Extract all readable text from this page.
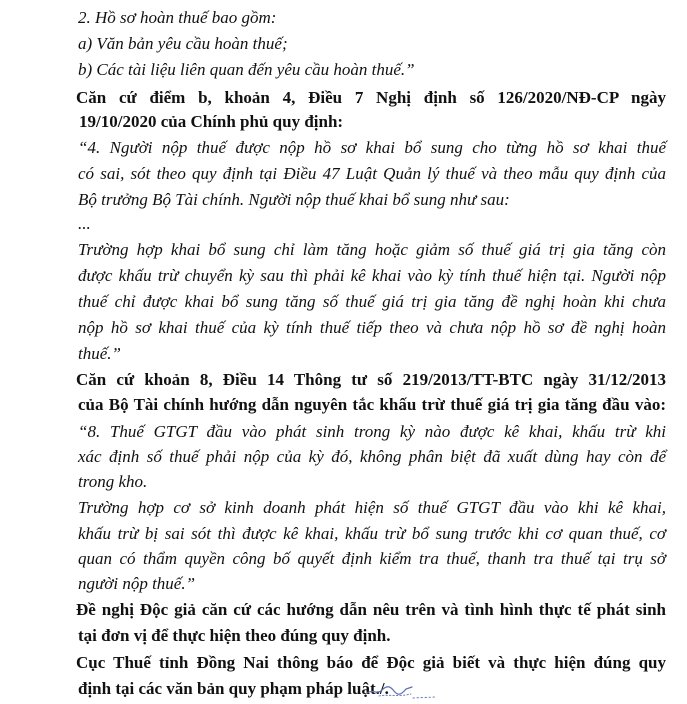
2. Hồ sơ hoàn thuế bao gồm:
a) Văn bản yêu cầu hoàn thuế;
b) Các tài liệu liên quan đến yêu cầu hoàn thuế.”
Căn cứ điểm b, khoản 4, Điều 7 Nghị định số 126/2020/NĐ-CP ngày
19/10/2020 của Chính phủ quy định:
“4. Người nộp thuế được nộp hồ sơ khai bổ sung cho từng hồ sơ khai thuế
có sai, sót theo quy định tại Điều 47 Luật Quản lý thuế và theo mẫu quy định của
Bộ trưởng Bộ Tài chính. Người nộp thuế khai bổ sung như sau:
...
Trường hợp khai bổ sung chỉ làm tăng hoặc giảm số thuế giá trị gia tăng còn
được khấu trừ chuyển kỳ sau thì phải kê khai vào kỳ tính thuế hiện tại. Người nộp
thuế chỉ được khai bổ sung tăng số thuế giá trị gia tăng đề nghị hoàn khi chưa
nộp hồ sơ khai thuế của kỳ tính thuế tiếp theo và chưa nộp hồ sơ đề nghị hoàn
thuế.”
Căn cứ khoản 8, Điều 14 Thông tư số 219/2013/TT-BTC ngày 31/12/2013
của Bộ Tài chính hướng dẫn nguyên tắc khấu trừ thuế giá trị gia tăng đầu vào:
“8. Thuế GTGT đầu vào phát sinh trong kỳ nào được kê khai, khấu trừ khi
xác định số thuế phải nộp của kỳ đó, không phân biệt đã xuất dùng hay còn để
trong kho.
Trường hợp cơ sở kinh doanh phát hiện số thuế GTGT đầu vào khi kê khai,
khấu trừ bị sai sót thì được kê khai, khấu trừ bổ sung trước khi cơ quan thuế, cơ
quan có thẩm quyền công bố quyết định kiểm tra thuế, thanh tra thuế tại trụ sở
người nộp thuế.”
Đề nghị Độc giả căn cứ các hướng dẫn nêu trên và tình hình thực tế phát sinh
tại đơn vị để thực hiện theo đúng quy định.
Cục Thuế tỉnh Đồng Nai thông báo để Độc giả biết và thực hiện đúng quy
định tại các văn bản quy phạm pháp luật./.
